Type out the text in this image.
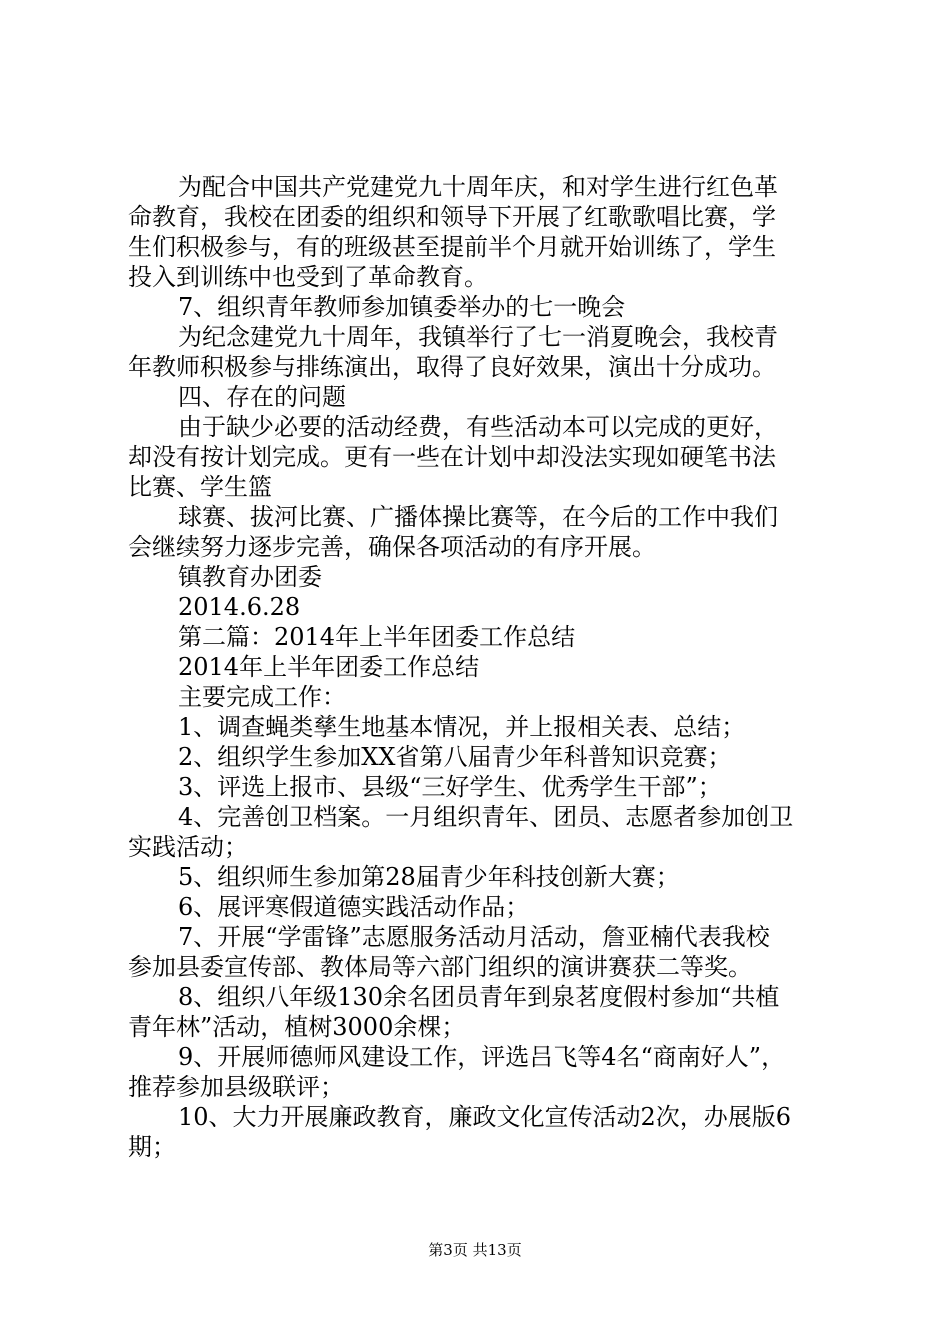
为配合中国共产党建党九十周年庆，和对学生进行红色革
命教育，我校在团委的组织和领导下开展了红歌歌唱比赛，学
生们积极参与，有的班级甚至提前半个月就开始训练了，学生
投入到训练中也受到了革命教育。
7、组织青年教师参加镇委举办的七一晚会
为纪念建党九十周年，我镇举行了七一消夏晚会，我校青
年教师积极参与排练演出，取得了良好效果，演出十分成功。
四、存在的问题
由于缺少必要的活动经费，有些活动本可以完成的更好，
却没有按计划完成。更有一些在计划中却没法实现如硬笔书法
比赛、学生篮
球赛、拔河比赛、广播体操比赛等，在今后的工作中我们
会继续努力逐步完善，确保各项活动的有序开展。
镇教育办团委
2014.6.28
第二篇：2014年上半年团委工作总结
2014年上半年团委工作总结
主要完成工作：
1、调查蝇类孳生地基本情况，并上报相关表、总结；
2、组织学生参加XX省第八届青少年科普知识竞赛；
3、评选上报市、县级“三好学生、优秀学生干部”；
4、完善创卫档案。一月组织青年、团员、志愿者参加创卫
实践活动；
5、组织师生参加第28届青少年科技创新大赛；
6、展评寒假道德实践活动作品；
7、开展“学雷锋”志愿服务活动月活动，詹亚楠代表我校
参加县委宣传部、教体局等六部门组织的演讲赛获二等奖。
8、组织八年级130余名团员青年到泉茗度假村参加“共植
青年林”活动，植树3000余棵；
9、开展师德师风建设工作，评选吕飞等4名“商南好人”，
推荐参加县级联评；
10、大力开展廉政教育，廉政文化宣传活动2次，办展版6
期；
第3页 共13页
